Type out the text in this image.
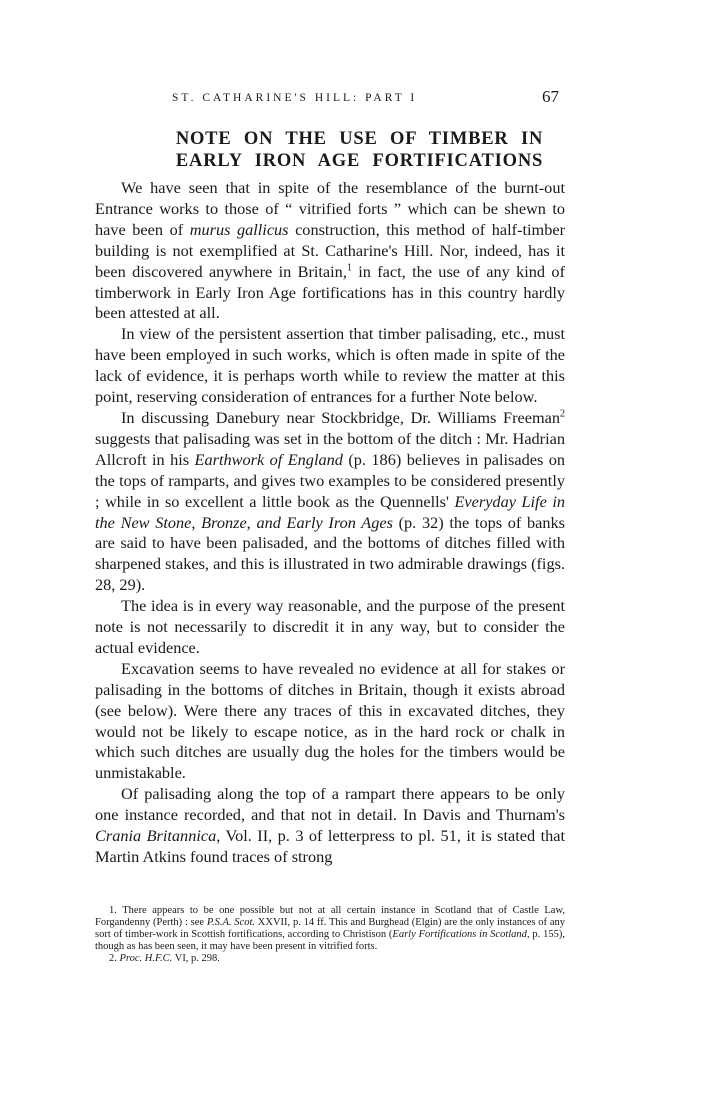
ST. CATHARINE'S HILL: PART I	67
NOTE ON THE USE OF TIMBER IN
EARLY IRON AGE FORTIFICATIONS

We have seen that in spite of the resemblance of the burnt-out Entrance works to those of “ vitrified forts ” which can be shewn to have been of murus gallicus construction, this method of half-timber building is not exemplified at St. Catharine's Hill. Nor, indeed, has it been discovered anywhere in Britain,$^1$ in fact, the use of any kind of timberwork in Early Iron Age fortifications has in this country hardly been attested at all.

In view of the persistent assertion that timber palisading, etc., must have been employed in such works, which is often made in spite of the lack of evidence, it is perhaps worth while to review the matter at this point, reserving consideration of entrances for a further Note below.

In discussing Danebury near Stockbridge, Dr. Williams Freeman$^2$ suggests that palisading was set in the bottom of the ditch : Mr. Hadrian Allcroft in his Earthwork of England (p. 186) believes in palisades on the tops of ramparts, and gives two examples to be considered presently ; while in so excellent a little book as the Quennells' Everyday Life in the New Stone, Bronze, and Early Iron Ages (p. 32) the tops of banks are said to have been palisaded, and the bottoms of ditches filled with sharpened stakes, and this is illustrated in two admirable drawings (figs. 28, 29).

The idea is in every way reasonable, and the purpose of the present note is not necessarily to discredit it in any way, but to consider the actual evidence.

Excavation seems to have revealed no evidence at all for stakes or palisading in the bottoms of ditches in Britain, though it exists abroad (see below). Were there any traces of this in excavated ditches, they would not be likely to escape notice, as in the hard rock or chalk in which such ditches are usually dug the holes for the timbers would be unmistakable.

Of palisading along the top of a rampart there appears to be only one instance recorded, and that not in detail. In Davis and Thurnam's Crania Britannica, Vol. II, p. 3 of letterpress to pl. 51, it is stated that Martin Atkins found traces of strong

1. There appears to be one possible but not at all certain instance in Scotland that of Castle Law, Forgandenny (Perth) : see P.S.A. Scot. XXVII, p. 14 ff. This and Burghead (Elgin) are the only instances of any sort of timber-work in Scottish fortifications, according to Christison (Early Fortifications in Scotland, p. 155), though as has been seen, it may have been present in vitrified forts.

2. Proc. H.F.C. VI, p. 298.
